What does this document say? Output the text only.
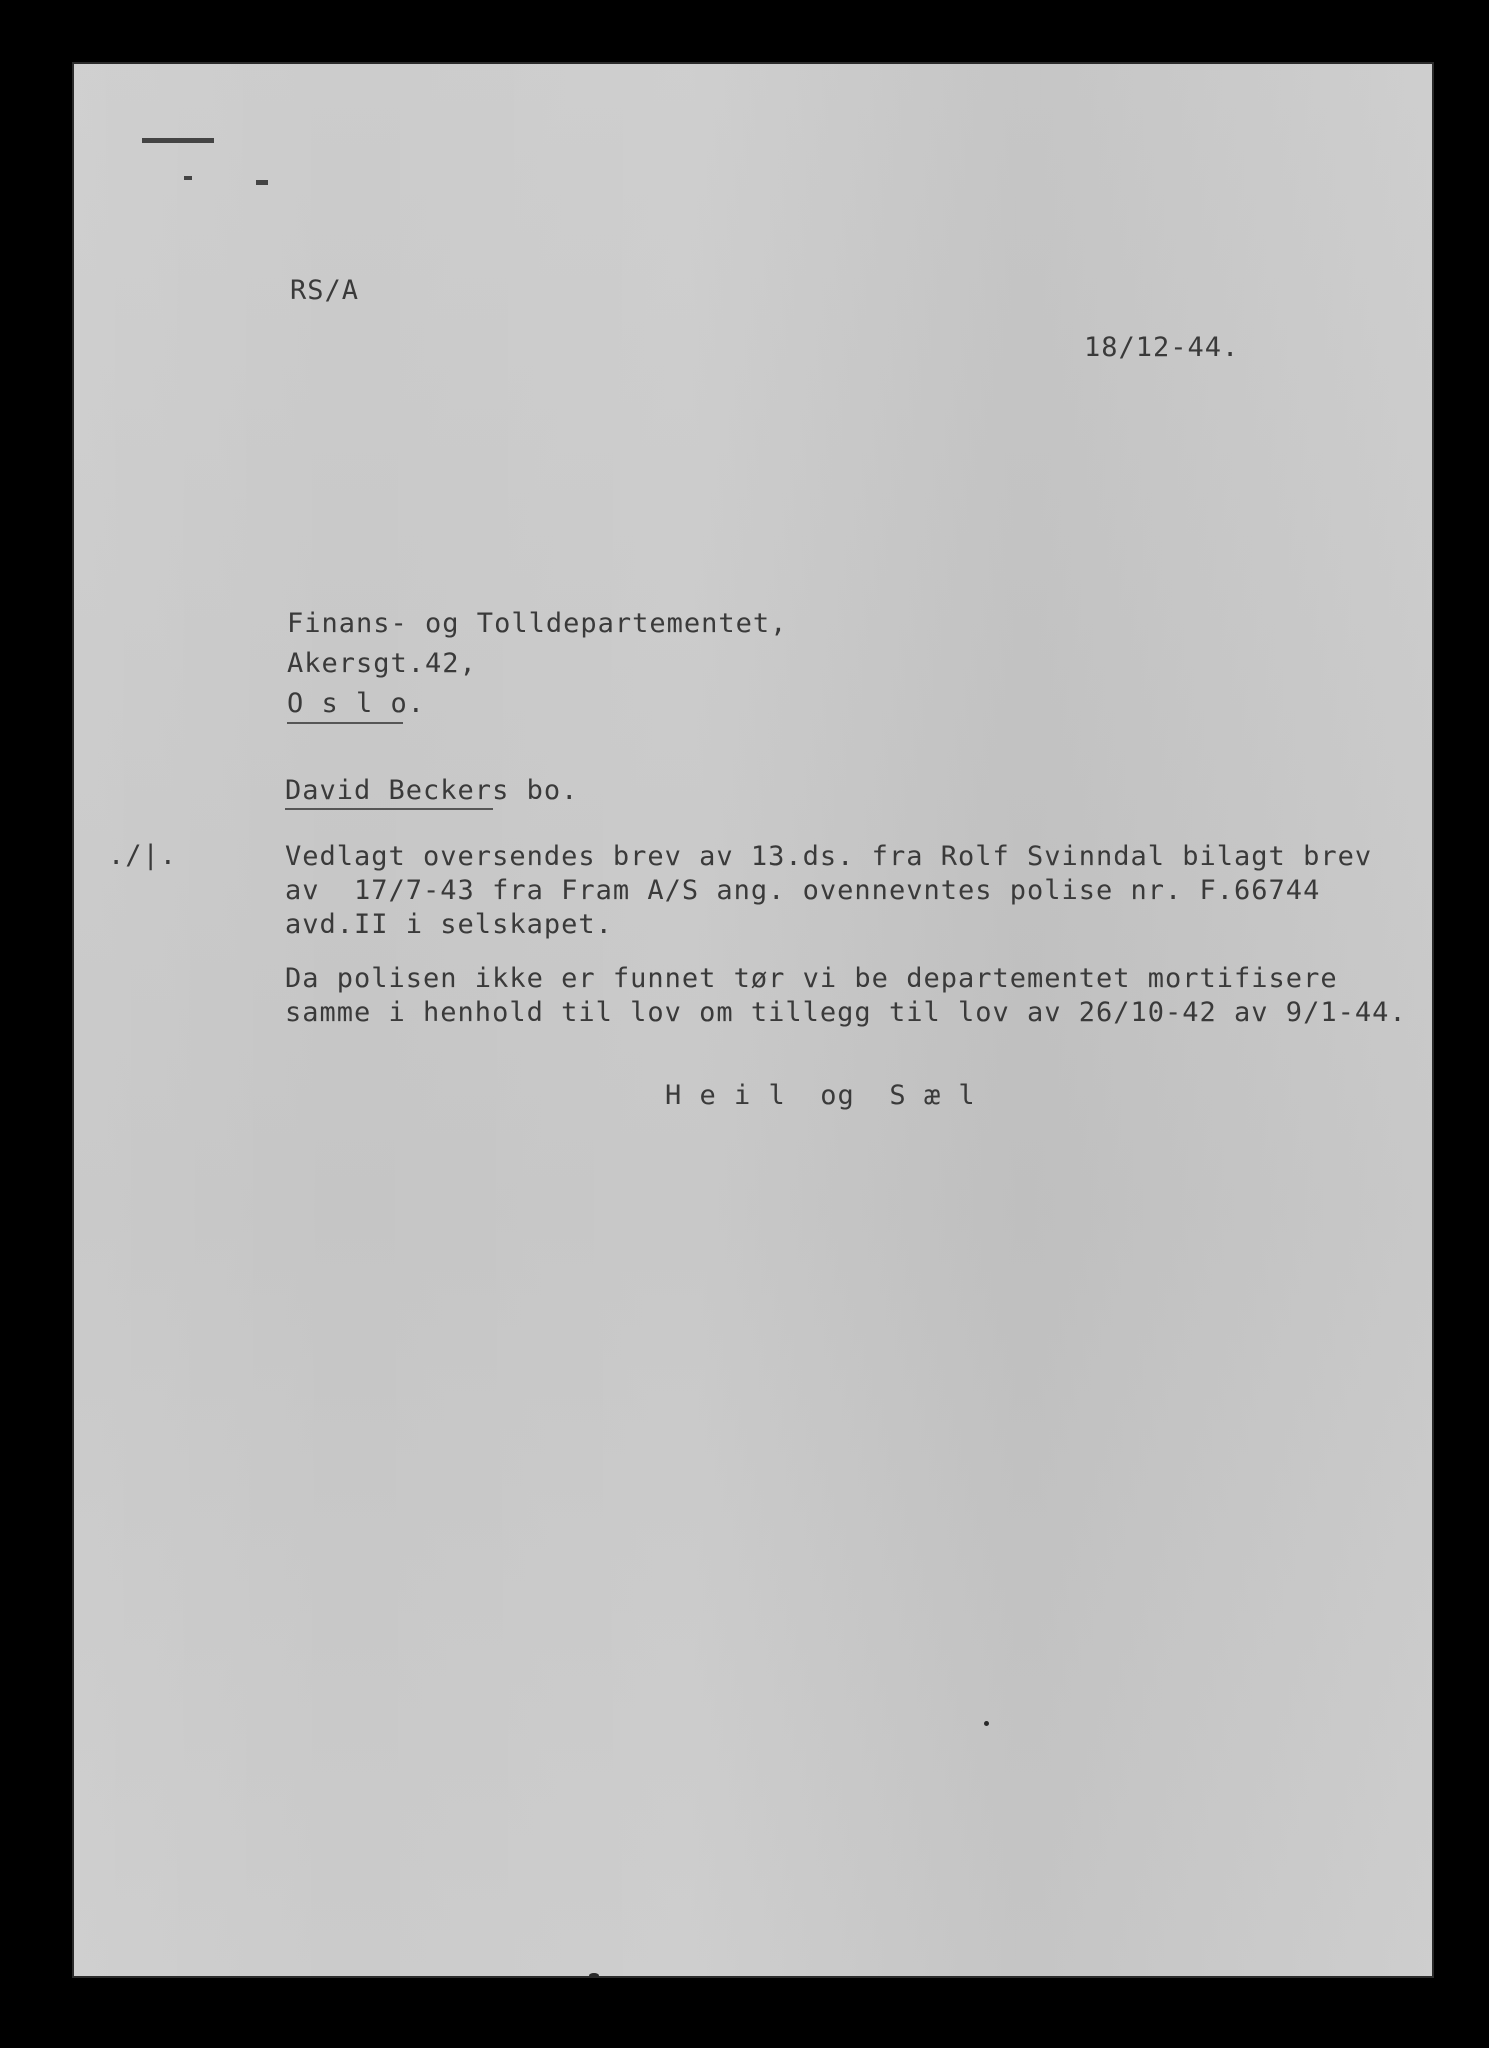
RS/A
18/12-44.
Finans- og Tolldepartementet,
Akersgt.42,
O s l o.
David Beckers bo.
./|.	Vedlagt oversendes brev av 13.ds. fra Rolf Svinndal bilagt brev
av  17/7-43 fra Fram A/S ang. ovennevntes polise nr. F.66744
avd.II i selskapet.
Da polisen ikke er funnet tør vi be departementet mortifisere
samme i henhold til lov om tillegg til lov av 26/10-42 av 9/1-44.
H e i l  og  S æ l
